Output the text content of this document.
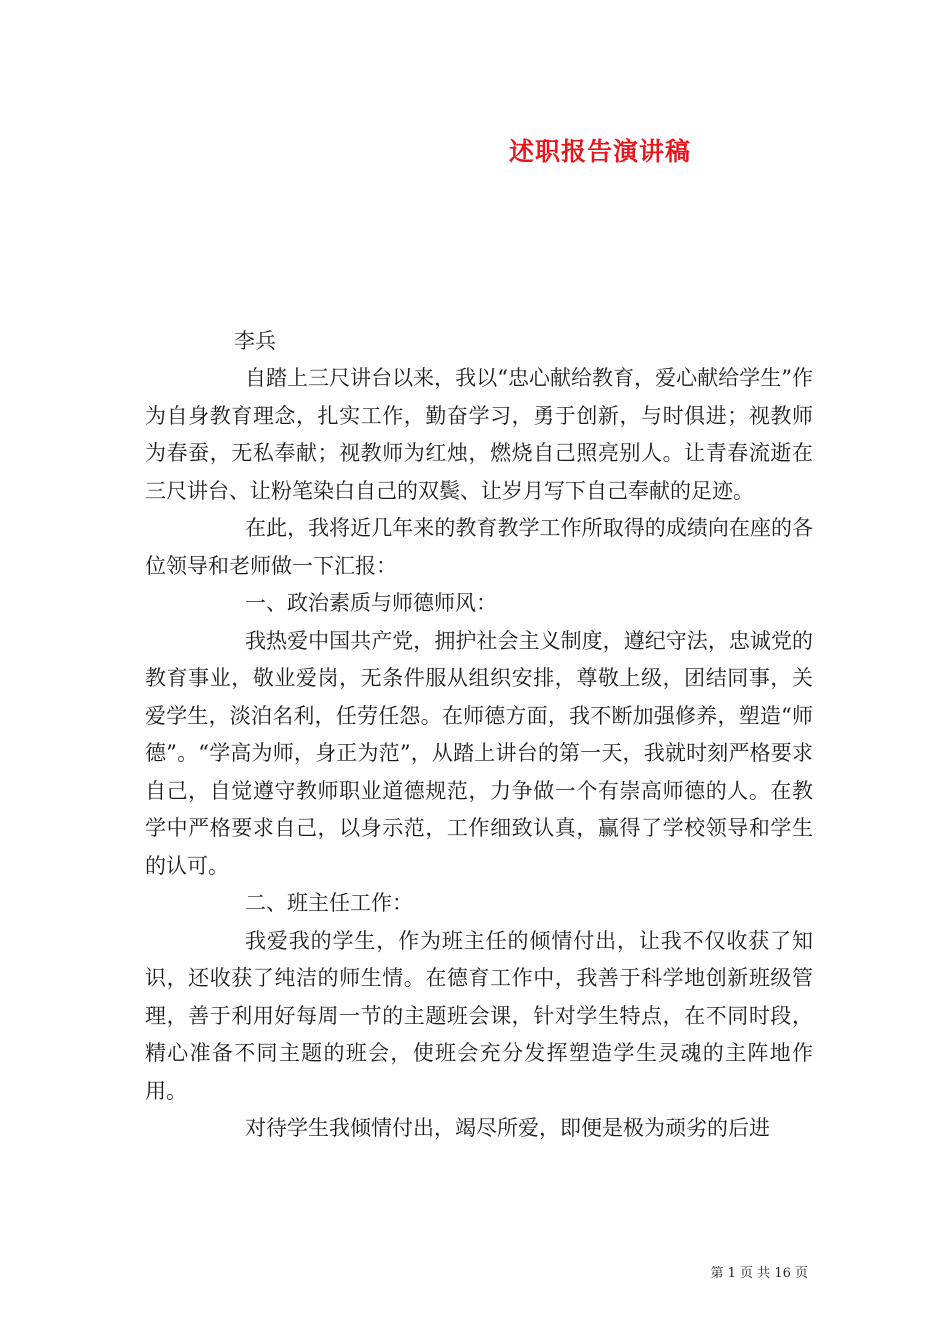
述职报告演讲稿
李兵

自踏上三尺讲台以来，我以“忠心献给教育，爱心献给学生”作为自身教育理念，扎实工作，勤奋学习，勇于创新，与时俱进；视教师为春蚕，无私奉献；视教师为红烛，燃烧自己照亮别人。让青春流逝在三尺讲台、让粉笔染白自己的双鬓、让岁月写下自己奉献的足迹。

在此，我将近几年来的教育教学工作所取得的成绩向在座的各位领导和老师做一下汇报：

一、政治素质与师德师风：

我热爱中国共产党，拥护社会主义制度，遵纪守法，忠诚党的教育事业，敬业爱岗，无条件服从组织安排，尊敬上级，团结同事，关爱学生，淡泊名利，任劳任怨。在师德方面，我不断加强修养，塑造“师德”。“学高为师，身正为范”，从踏上讲台的第一天，我就时刻严格要求自己，自觉遵守教师职业道德规范，力争做一个有崇高师德的人。在教学中严格要求自己，以身示范，工作细致认真，赢得了学校领导和学生的认可。

二、班主任工作：

我爱我的学生，作为班主任的倾情付出，让我不仅收获了知识，还收获了纯洁的师生情。在德育工作中，我善于科学地创新班级管理，善于利用好每周一节的主题班会课，针对学生特点，在不同时段，精心准备不同主题的班会，使班会充分发挥塑造学生灵魂的主阵地作用。

对待学生我倾情付出，竭尽所爱，即便是极为顽劣的后进

第 1 页 共 16 页
